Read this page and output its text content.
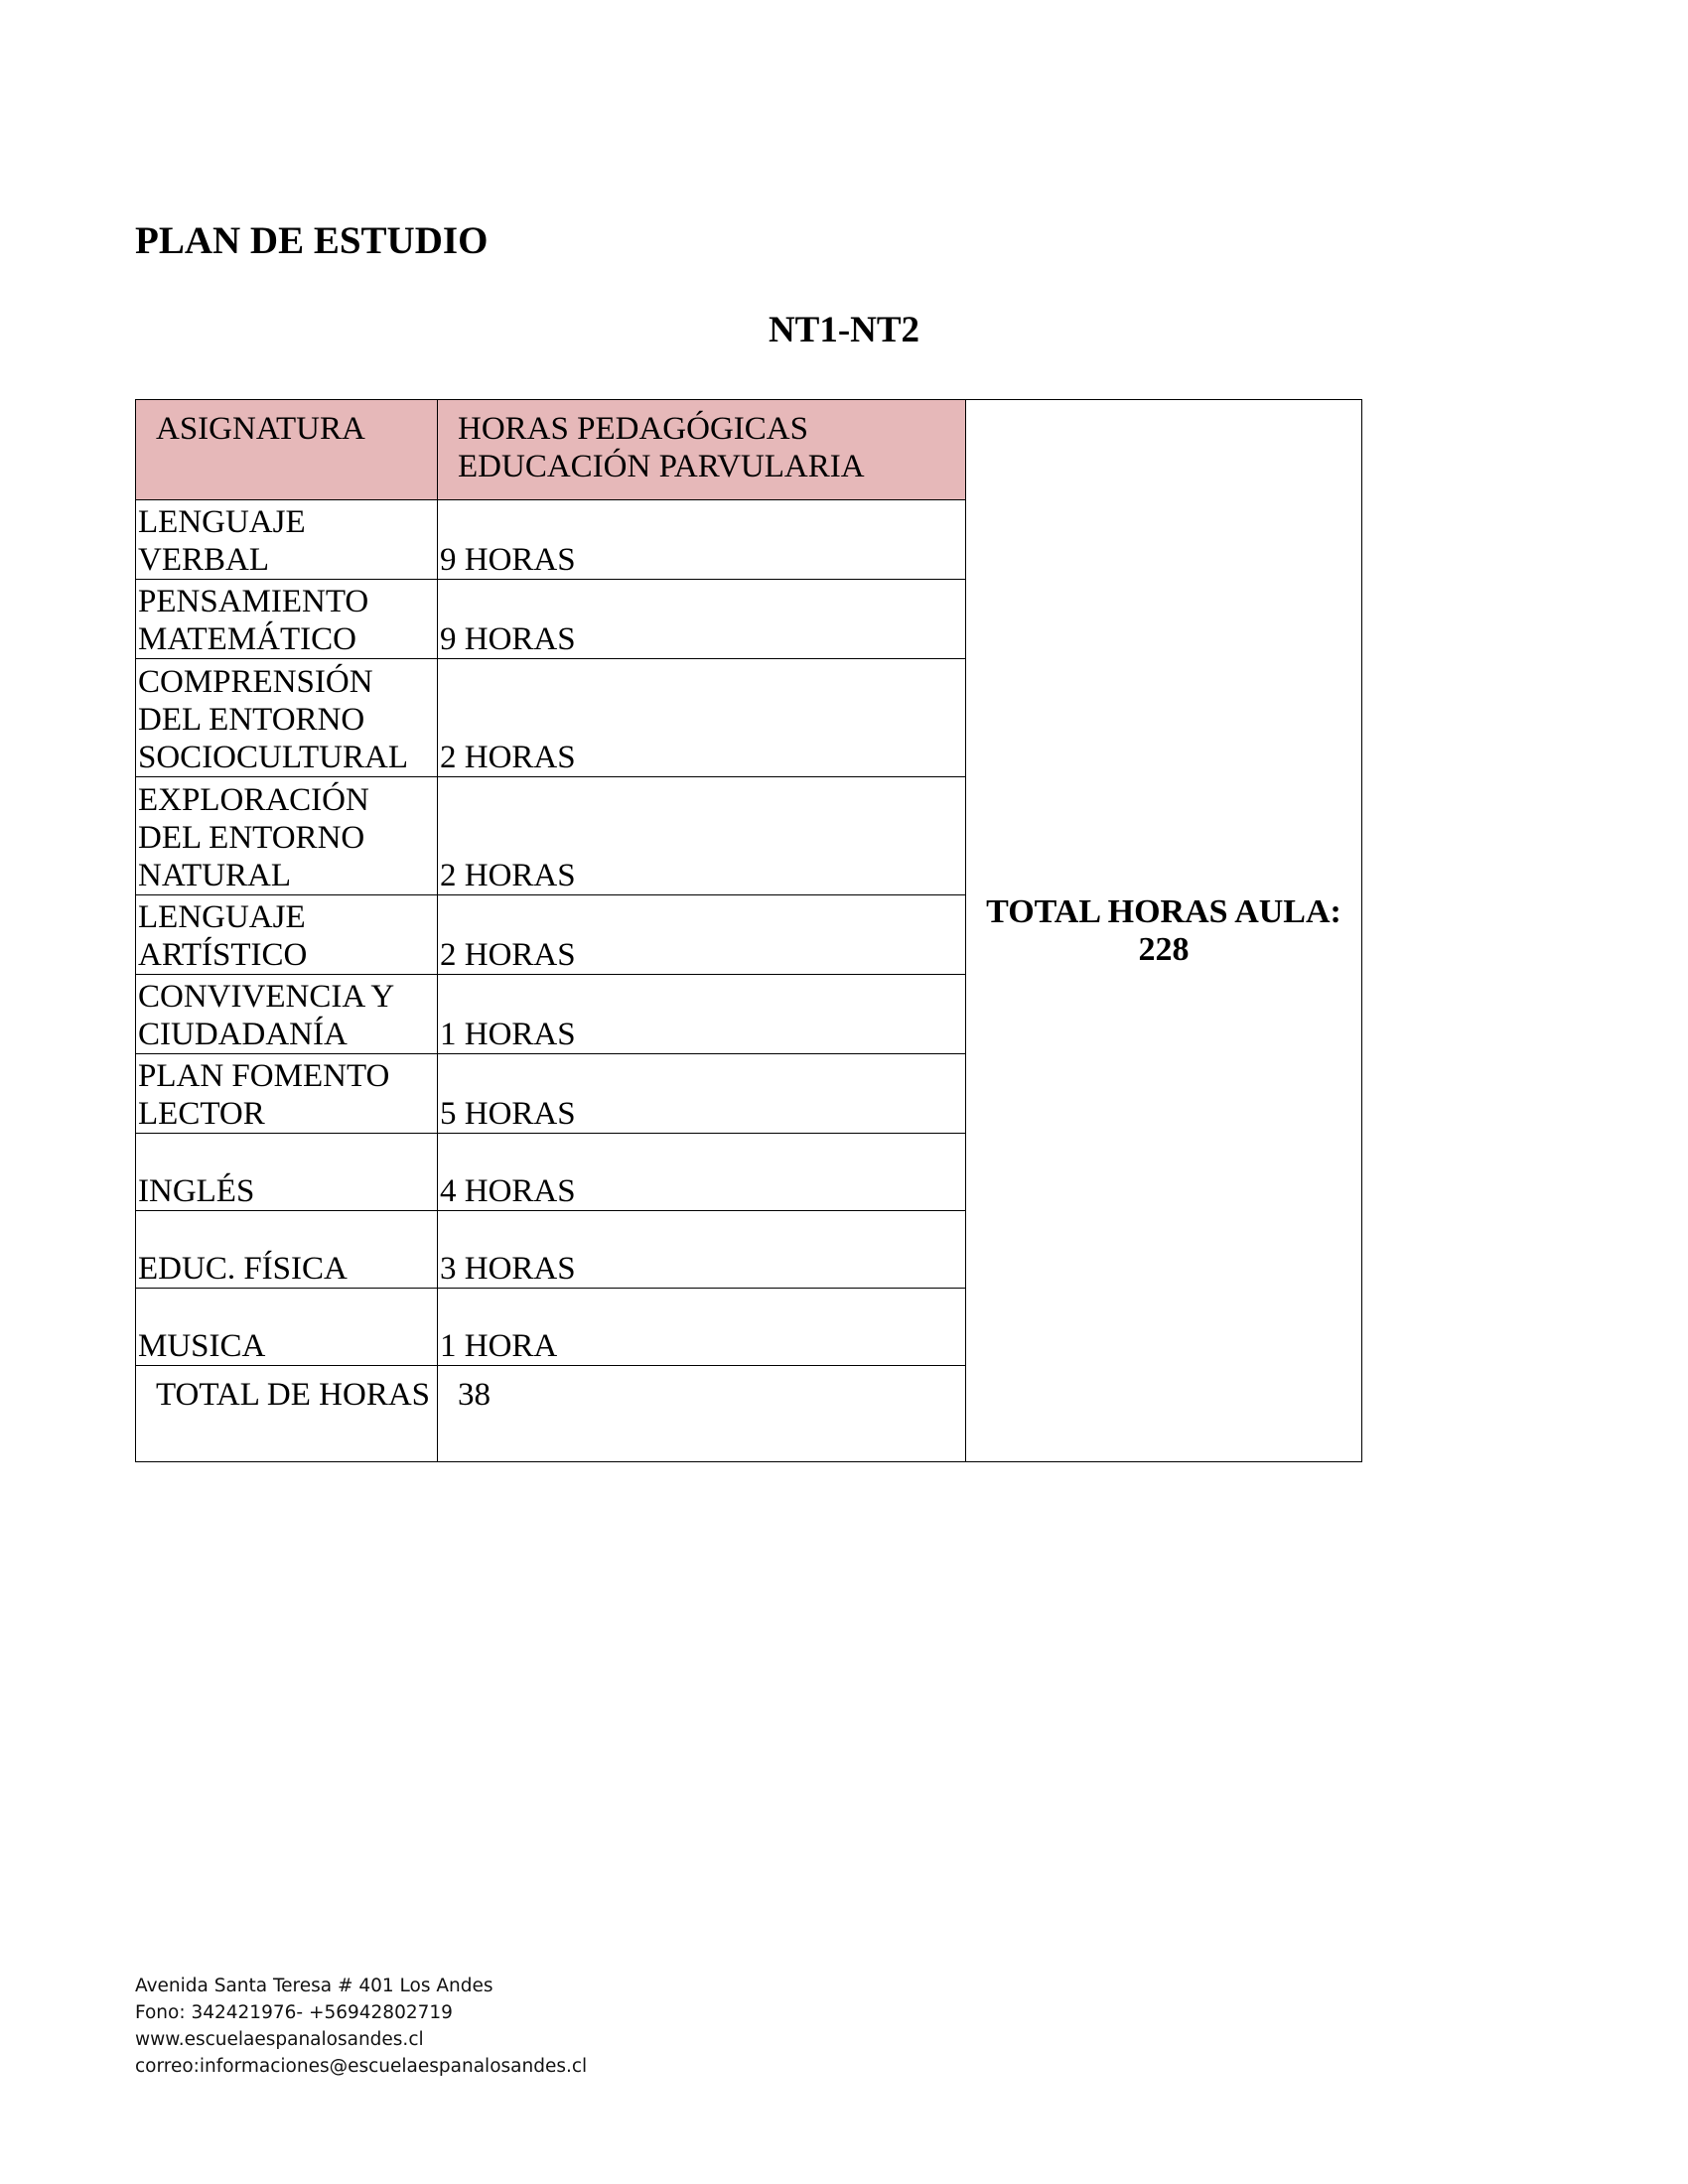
PLAN DE ESTUDIO
NT1-NT2
ASIGNATURA	HORAS PEDAGÓGICAS EDUCACIÓN PARVULARIA	TOTAL HORAS AULA: 228
LENGUAJE VERBAL	9 HORAS	
PENSAMIENTO MATEMÁTICO	9 HORAS	
COMPRENSIÓN DEL ENTORNO SOCIOCULTURAL	2 HORAS	
EXPLORACIÓN DEL ENTORNO NATURAL	2 HORAS	
LENGUAJE ARTÍSTICO	2 HORAS	
CONVIVENCIA Y CIUDADANÍA	1 HORAS	
PLAN FOMENTO LECTOR	5 HORAS	
INGLÉS	4 HORAS	
EDUC. FÍSICA	3 HORAS	
MUSICA	1 HORA	
TOTAL DE HORAS	38	
Avenida Santa Teresa # 401 Los Andes
Fono: 342421976- +56942802719
www.escuelaespanalosandes.cl
correo:informaciones@escuelaespanalosandes.cl
